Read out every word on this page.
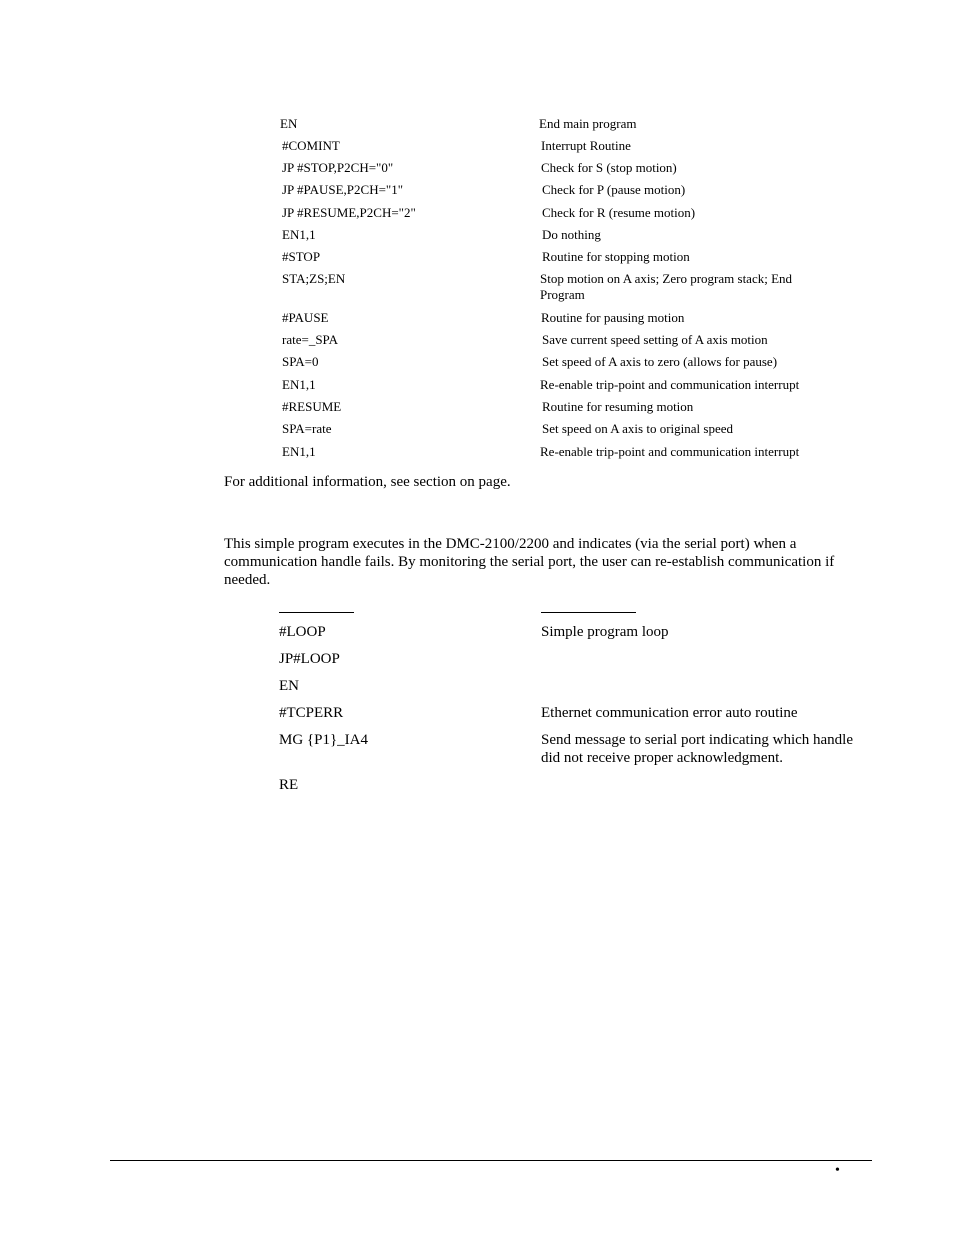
EN	End main program
#COMINT	Interrupt Routine
JP #STOP,P2CH="0"	Check for S (stop motion)
JP #PAUSE,P2CH="1"	Check for P (pause motion)
JP #RESUME,P2CH="2"	Check for R (resume motion)
EN1,1	Do nothing
#STOP	Routine for stopping motion
STA;ZS;EN	Stop motion on A axis; Zero program stack; End Program
#PAUSE	Routine for pausing motion
rate=_SPA	Save current speed setting of A axis motion
SPA=0	Set speed of A axis to zero (allows for pause)
EN1,1	Re-enable trip-point and communication interrupt
#RESUME	Routine for resuming motion
SPA=rate	Set speed on A axis to original speed
EN1,1	Re-enable trip-point and communication interrupt
For additional information, see section on page.
This simple program executes in the DMC-2100/2200 and indicates (via the serial port) when a communication handle fails. By monitoring the serial port, the user can re-establish communication if needed.
#LOOP	Simple program loop
JP#LOOP
EN
#TCPERR	Ethernet communication error auto routine
MG {P1}_IA4	Send message to serial port indicating which handle did not receive proper acknowledgment.
RE
•
